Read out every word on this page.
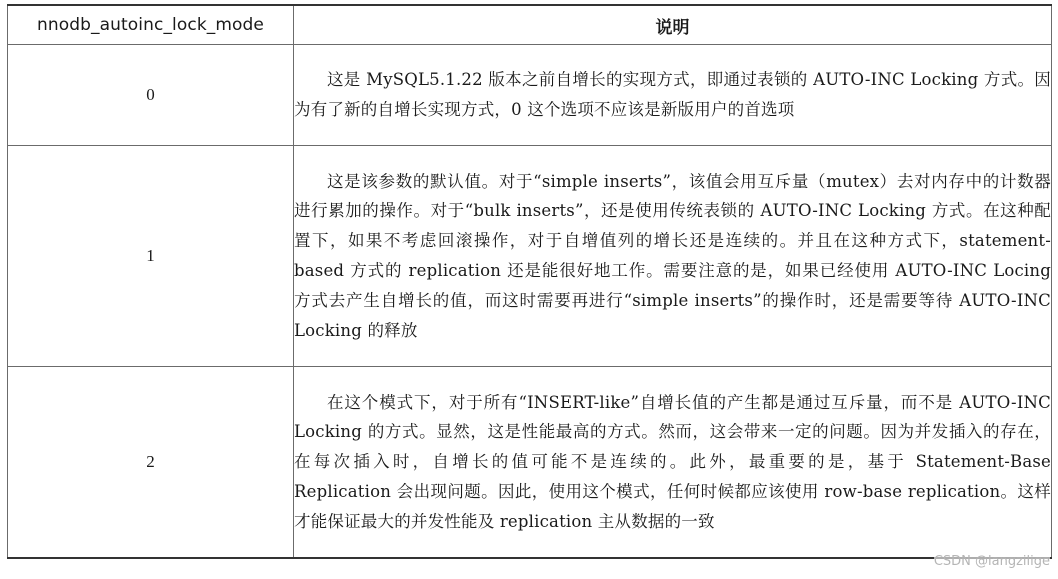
nnodb_autoinc_lock_mode	说明
0	这是 MySQL5.1.22 版本之前自增长的实现方式，即通过表锁的 AUTO-INC Locking 方式。因为有了新的自增长实现方式，0 这个选项不应该是新版用户的首选项
1	这是该参数的默认值。对于“simple inserts”，该值会用互斥量（mutex）去对内存中的计数器进行累加的操作。对于“bulk inserts”，还是使用传统表锁的 AUTO-INC Locking 方式。在这种配置下，如果不考虑回滚操作，对于自增值列的增长还是连续的。并且在这种方式下，statement-based 方式的 replication 还是能很好地工作。需要注意的是，如果已经使用 AUTO-INC Locing 方式去产生自增长的值，而这时需要再进行“simple inserts”的操作时，还是需要等待 AUTO-INC Locking 的释放
2	在这个模式下，对于所有“INSERT-like”自增长值的产生都是通过互斥量，而不是 AUTO-INC Locking 的方式。显然，这是性能最高的方式。然而，这会带来一定的问题。因为并发插入的存在，在每次插入时，自增长的值可能不是连续的。此外，最重要的是，基于 Statement-Base Replication 会出现问题。因此，使用这个模式，任何时候都应该使用 row-base replication。这样才能保证最大的并发性能及 replication 主从数据的一致
CSDN @langzilige
